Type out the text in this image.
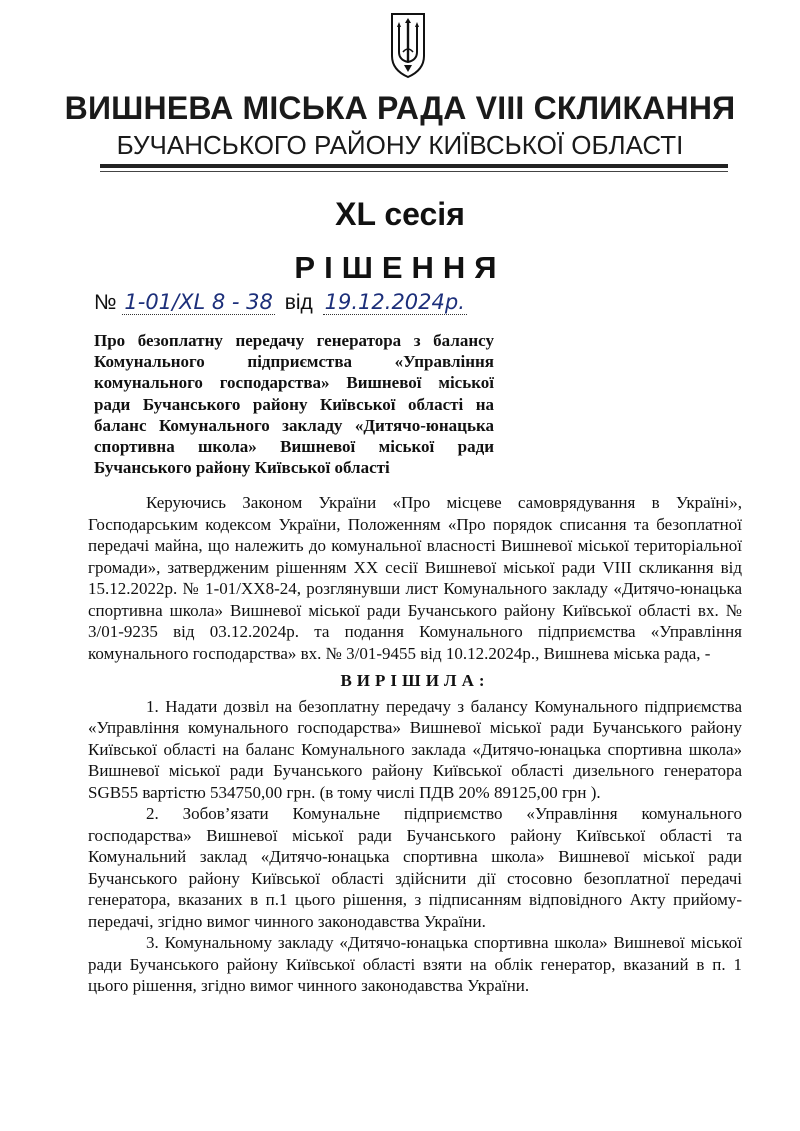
ВИШНЕВА МІСЬКА РАДА VIII СКЛИКАННЯ
БУЧАНСЬКОГО РАЙОНУ КИЇВСЬКОЇ ОБЛАСТІ
XL сесія
РІШЕННЯ
№ 1-01/XL 8 - 38 від 19.12.2024р.
Про безоплатну передачу генератора з балансу Комунального підприємства «Управління комунального господарства» Вишневої міської ради Бучанського району Київської області на баланс Комунального закладу «Дитячо-юнацька спортивна школа» Вишневої міської ради Бучанського району Київської області

Керуючись Законом України «Про місцеве самоврядування в Україні», Господарським кодексом України, Положенням «Про порядок списання та безоплатної передачі майна, що належить до комунальної власності Вишневої міської територіальної громади», затвердженим рішенням XX сесії Вишневої міської ради VIII скликання від 15.12.2022р. № 1-01/XX8-24, розглянувши лист Комунального закладу «Дитячо-юнацька спортивна школа» Вишневої міської ради Бучанського району Київської області вх. № 3/01-9235 від 03.12.2024р. та подання Комунального підприємства «Управління комунального господарства» вх. № 3/01-9455 від 10.12.2024р., Вишнева міська рада, -

ВИРІШИЛА:

1. Надати дозвіл на безоплатну передачу з балансу Комунального підприємства «Управління комунального господарства» Вишневої міської ради Бучанського району Київської області на баланс Комунального заклада «Дитячо-юнацька спортивна школа» Вишневої міської ради Бучанського району Київської області дизельного генератора SGB55 вартістю 534750,00 грн. (в тому числі ПДВ 20% 89125,00 грн ).

2. Зобов’язати Комунальне підприємство «Управління комунального господарства» Вишневої міської ради Бучанського району Київської області та Комунальний заклад «Дитячо-юнацька спортивна школа» Вишневої міської ради Бучанського району Київської області здійснити дії стосовно безоплатної передачі генератора, вказаних в п.1 цього рішення, з підписанням відповідного Акту прийому-передачі, згідно вимог чинного законодавства України.

3. Комунальному закладу «Дитячо-юнацька спортивна школа» Вишневої міської ради Бучанського району Київської області взяти на облік генератор, вказаний в п. 1 цього рішення, згідно вимог чинного законодавства України.
